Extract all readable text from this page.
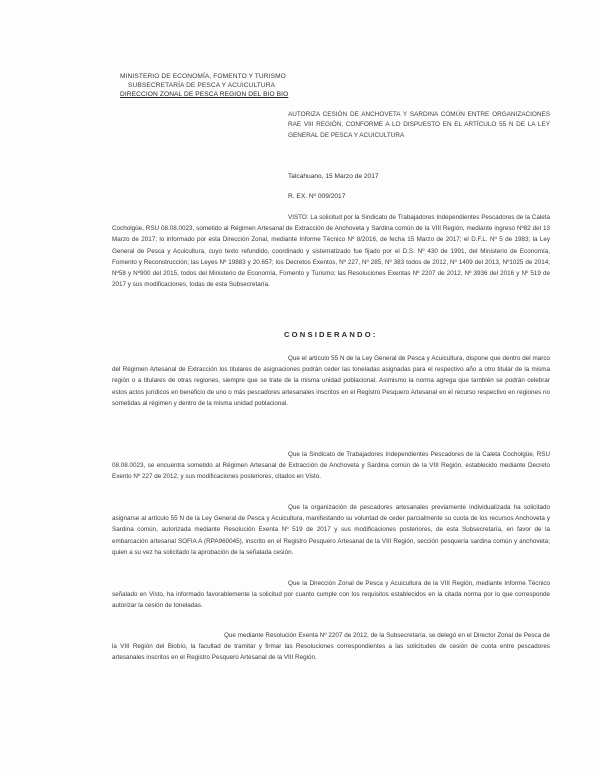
MINISTERIO DE ECONOMÍA, FOMENTO Y TURISMO
SUBSECRETARÍA DE PESCA Y ACUICULTURA
DIRECCION ZONAL DE PESCA REGION DEL BIO BIO
AUTORIZA CESIÓN DE ANCHOVETA Y SARDINA COMÚN ENTRE ORGANIZACIONES RAE VIII REGIÓN, CONFORME A LO DISPUESTO EN EL ARTÍCULO 55 N DE LA LEY GENERAL DE PESCA Y ACUICULTURA
Talcahuano, 15 Marzo de 2017
R. EX. Nº 009/2017
VISTO: La solicitud por la Sindicato de Trabajadores Independientes Pescadores de la Caleta Cocholgüe, RSU 08.08.0023, sometido al Régimen Artesanal de Extracción de Anchoveta y Sardina común de la VIII Región, mediante ingreso Nº82 del 13 Marzo de 2017; lo informado por esta Dirección Zonal, mediante Informe Técnico Nº 8/2016, de fecha 15 Marzo de 2017; el D.F.L. Nº 5 de 1983; la Ley General de Pesca y Acuicultura, cuyo texto refundido, coordinado y sistematizado fue fijado por el D.S. Nº 430 de 1991, del Ministerio de Economía, Fomento y Reconstrucción; las Leyes Nº 19883 y 20.657; los Decretos Exentos, Nº 227, Nº 285, Nº 383 todos de 2012, Nº 1409 del 2013, Nº1025 de 2014; Nº58 y Nº900 del 2015, todos del Ministerio de Economía, Fomento y Turismo; las Resoluciones Exentas Nº 2207 de 2012, Nº 3936 del 2016 y Nº 519 de 2017 y sus modificaciones, todas de esta Subsecretaría.
CONSIDERANDO:
Que el artículo 55 N de la Ley General de Pesca y Acuicultura, dispone que dentro del marco del Régimen Artesanal de Extracción los titulares de asignaciones podrán ceder las toneladas asignadas para el respectivo año a otro titular de la misma región o a titulares de otras regiones, siempre que se trate de la misma unidad poblacional. Asimismo la norma agrega que también se podrán celebrar estos actos jurídicos en beneficio de uno o más pescadores artesanales inscritos en el Registro Pesquero Artesanal en el recurso respectivo en regiones no sometidas al régimen y dentro de la misma unidad poblacional.
Que la Sindicato de Trabajadores Independientes Pescadores de la Caleta Cocholgüe, RSU 08.08.0023, se encuentra sometido al Régimen Artesanal de Extracción de Anchoveta y Sardina común de la VIII Región, establecido mediante Decreto Exento Nº 227 de 2012, y sus modificaciones posteriores, citados en Visto.
Que la organización de pescadores artesanales previamente individualizada ha solicitado asignarse al artículo 55 N de la Ley General de Pesca y Acuicultura, manifestando su voluntad de ceder parcialmente su cuota de los recursos Anchoveta y Sardina común, autorizada mediante Resolución Exenta Nº 519 de 2017 y sus modificaciones posteriores, de esta Subsecretaría, en favor de la embarcación artesanal SOFIA A (RPA960045), inscrito en el Registro Pesquero Artesanal de la VIII Región, sección pesquería sardina común y anchoveta; quien a su vez ha solicitado la aprobación de la señalada cesión.
Que la Dirección Zonal de Pesca y Acuicultura de la VIII Región, mediante Informe Técnico señalado en Visto, ha informado favorablemente la solicitud por cuanto cumple con los requisitos establecidos en la citada norma por lo que corresponde autorizar la cesión de toneladas.
Que mediante Resolución Exenta Nº 2207 de 2012, de la Subsecretaría, se delegó en el Director Zonal de Pesca de la VIII Región del Biobío, la facultad de tramitar y firmar las Resoluciones correspondientes a las solicitudes de cesión de cuota entre pescadores artesanales inscritos en el Registro Pesquero Artesanal de la VIII Región.
